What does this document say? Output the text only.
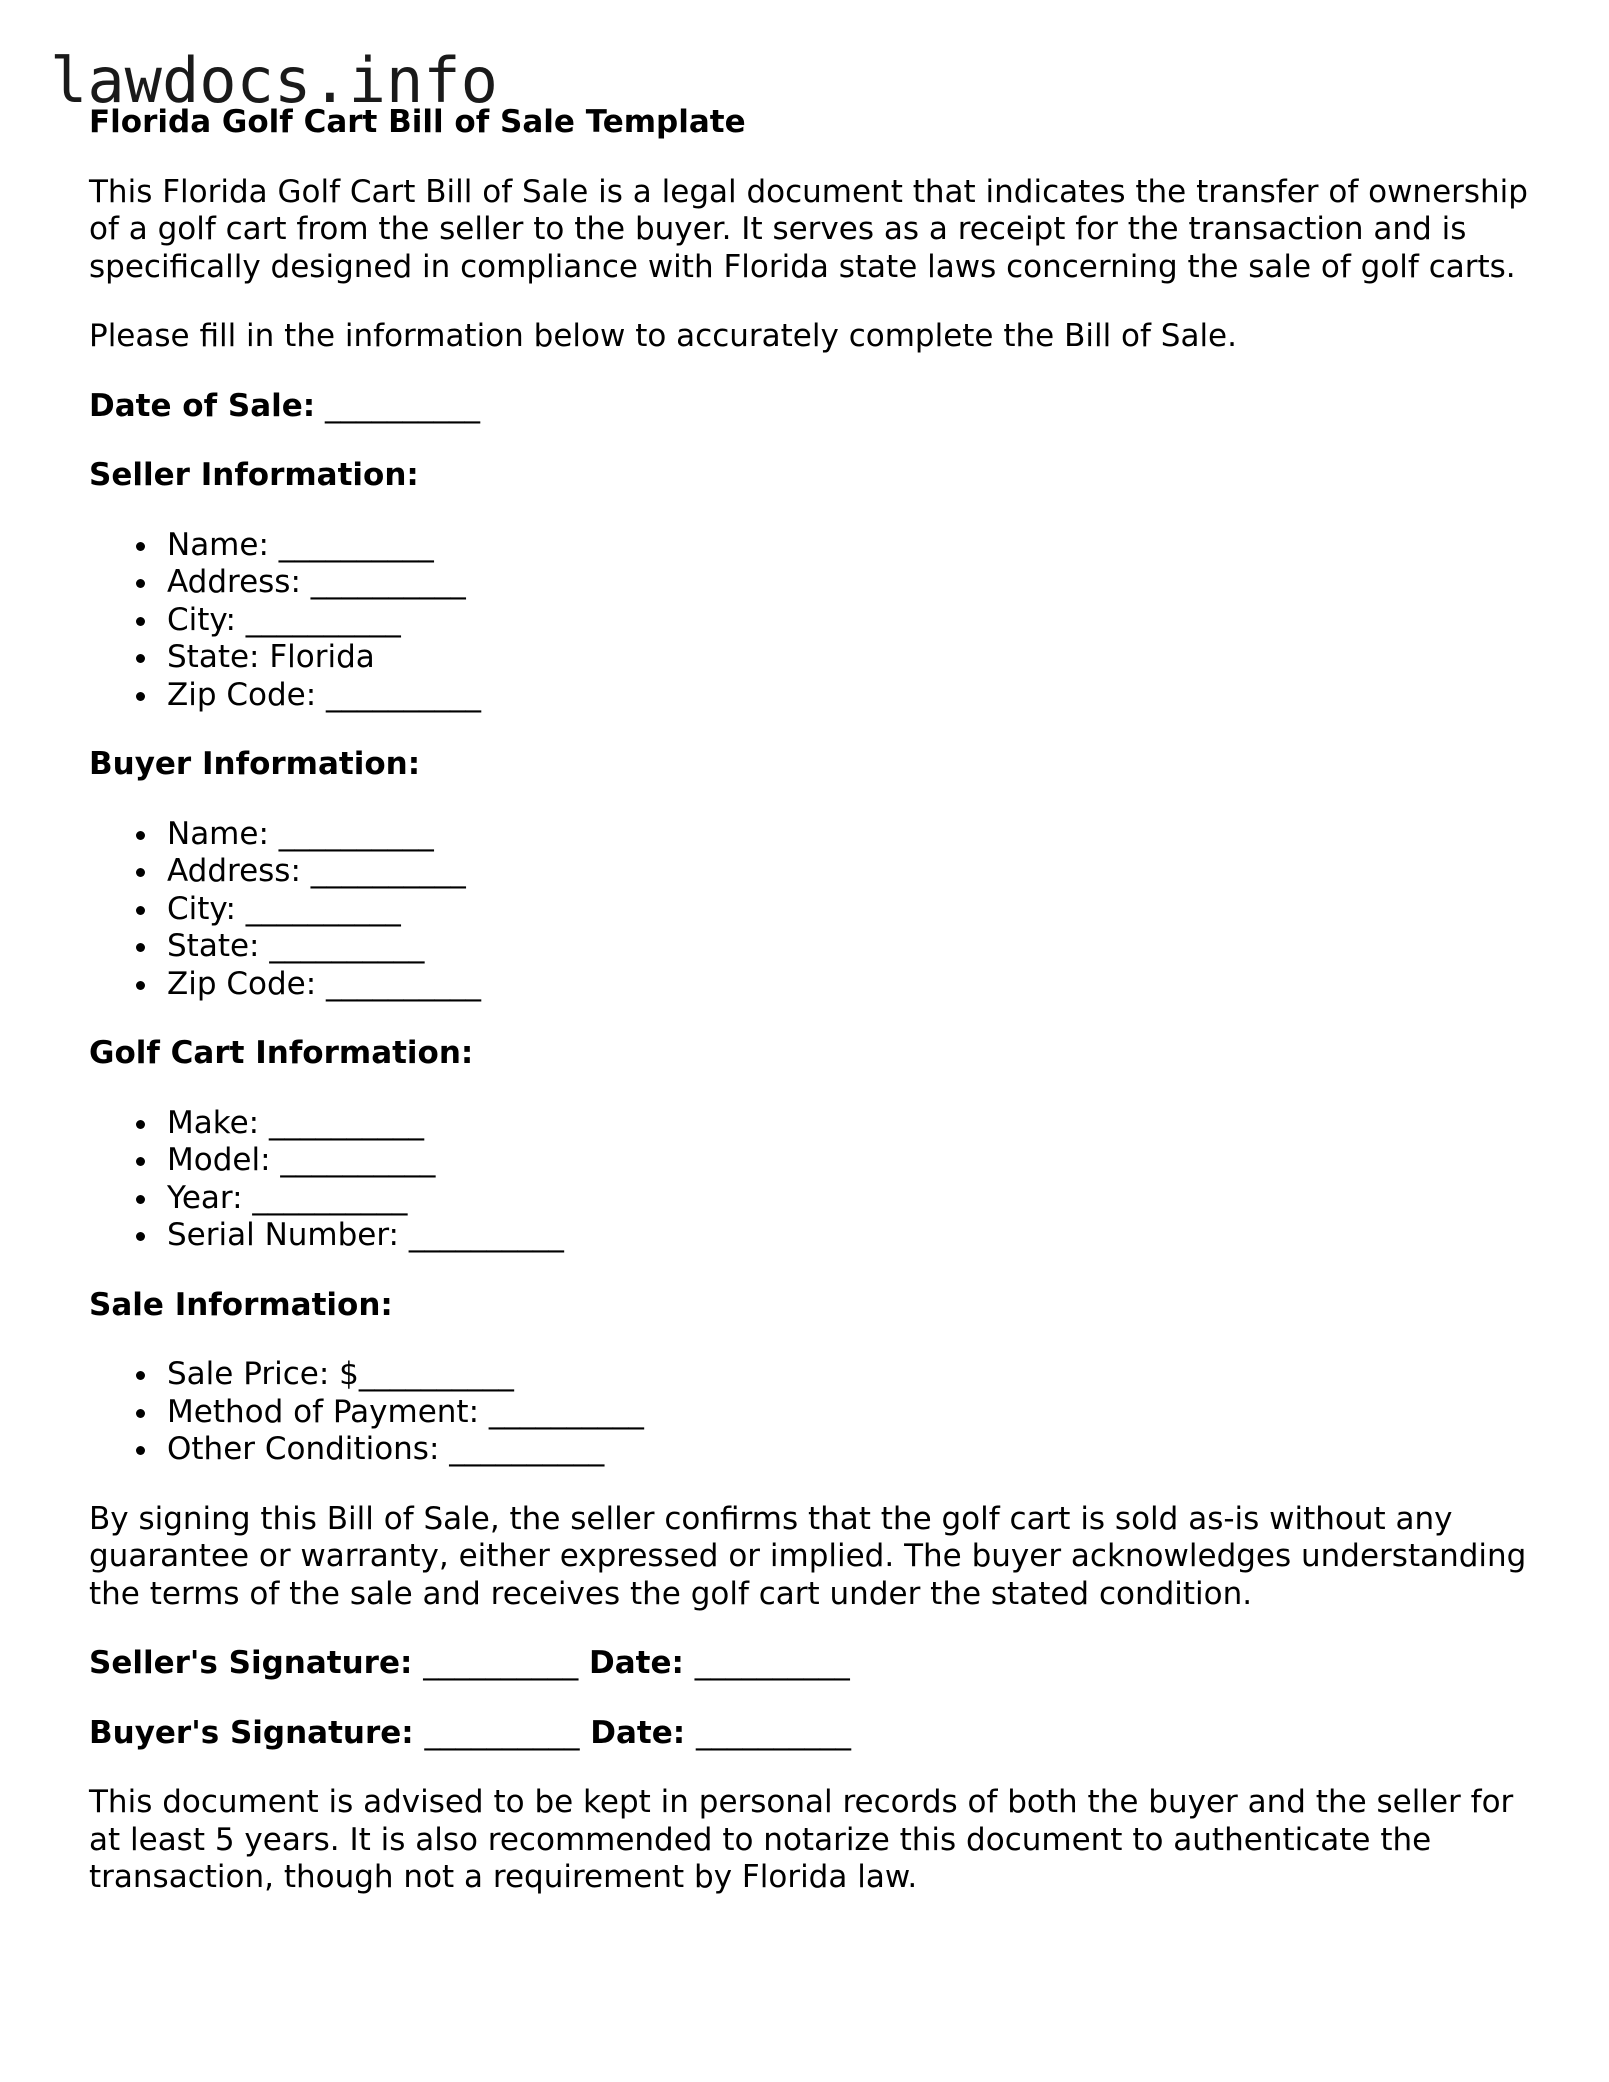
lawdocs.info
Florida Golf Cart Bill of Sale Template

This Florida Golf Cart Bill of Sale is a legal document that indicates the transfer of ownership of a golf cart from the seller to the buyer. It serves as a receipt for the transaction and is specifically designed in compliance with Florida state laws concerning the sale of golf carts.

Please fill in the information below to accurately complete the Bill of Sale.

Date of Sale: __________

Seller Information:
Name: __________
Address: __________
City: __________
State: Florida
Zip Code: __________
Buyer Information:
Name: __________
Address: __________
City: __________
State: __________
Zip Code: __________
Golf Cart Information:
Make: __________
Model: __________
Year: __________
Serial Number: __________
Sale Information:
Sale Price: $__________
Method of Payment: __________
Other Conditions: __________

By signing this Bill of Sale, the seller confirms that the golf cart is sold as-is without any guarantee or warranty, either expressed or implied. The buyer acknowledges understanding the terms of the sale and receives the golf cart under the stated condition.

Seller's Signature: __________ Date: __________

Buyer's Signature: __________ Date: __________

This document is advised to be kept in personal records of both the buyer and the seller for at least 5 years. It is also recommended to notarize this document to authenticate the transaction, though not a requirement by Florida law.
